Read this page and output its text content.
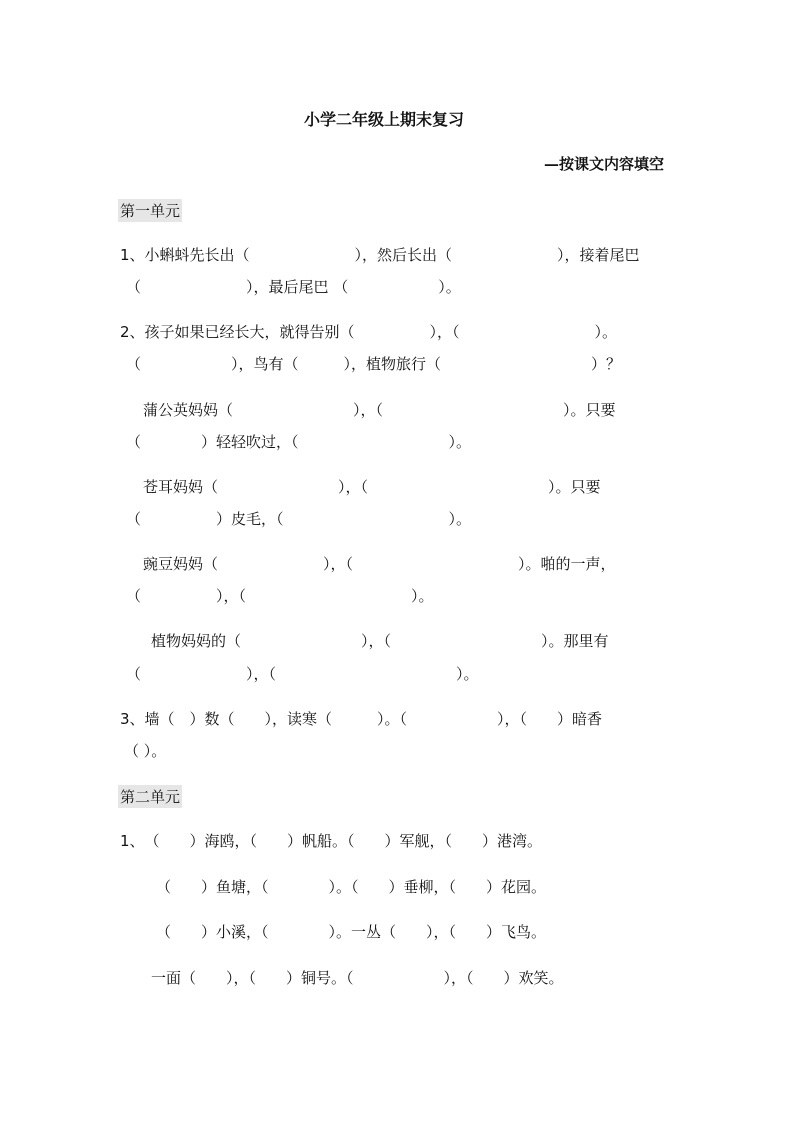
小学二年级上期末复习
—按课文内容填空
第一单元
1、小蝌蚪先长出（　　　　　　　），然后长出（　　　　　　　），接着尾巴
（　　　　　　　），最后尾巴 （　　　　　　）。
2、孩子如果已经长大，就得告别（　　　　　），（　　　　　　　　　）。
（　　　　　　），鸟有（　　　），植物旅行（　　　　　　　　　　）？
蒲公英妈妈（　　　　　　　　），（　　　　　　　　　　　　）。只要
（　　　　）轻轻吹过，（　　　　　　　　　　）。
苍耳妈妈（　　　　　　　　），（　　　　　　　　　　　　）。只要
（　　　　　）皮毛，（　　　　　　　　　　　）。
豌豆妈妈（　　　　　　　），（　　　　　　　　　　　）。啪的一声，
（　　　　　），（　　　　　　　　　　　）。
植物妈妈的（　　　　　　　　），（　　　　　　　　　　）。那里有
（　　　　　　　），（　　　　　　　　　　　　）。
3、墙（　）数（　　），读寒（　　　）。（　　　　　　），（　　）暗香
（ ）。
第二单元
1、　（　　）海鸥，（　　）帆船。（　　）军舰，（　　）港湾。
（　　）鱼塘，（　　　　）。（　　）垂柳，（　　）花园。
（　　）小溪，（　　　　）。一丛（　　），（　　）飞鸟。
一面（　　），（　　）铜号。（　　　　　　），（　　）欢笑。
